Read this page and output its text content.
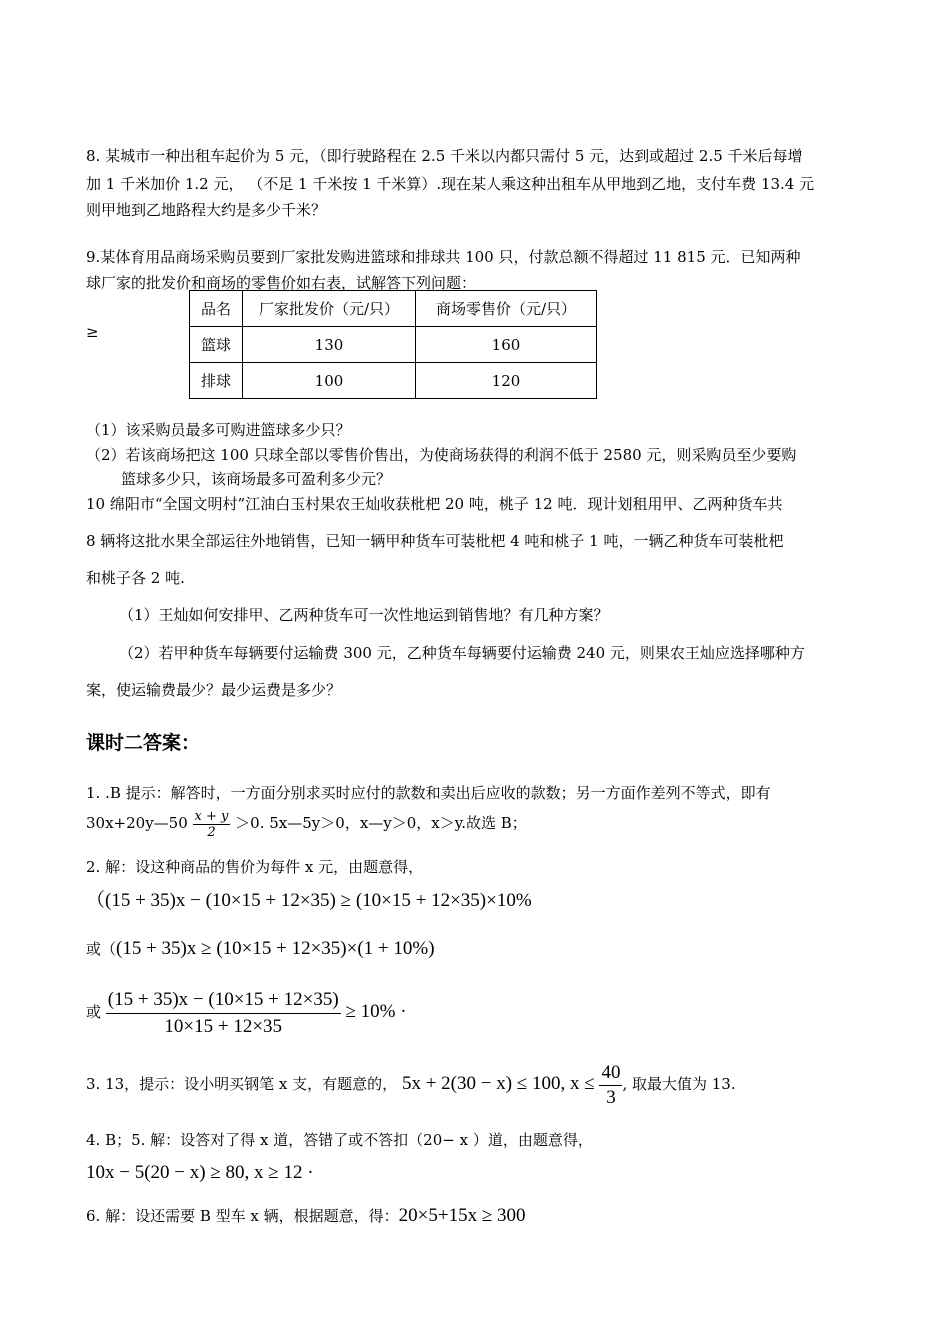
8. 某城市一种出租车起价为 5 元，（即行驶路程在 2.5 千米以内都只需付 5 元，达到或超过 2.5 千米后每增
加 1 千米加价 1.2 元， （不足 1 千米按 1 千米算）.现在某人乘这种出租车从甲地到乙地，支付车费 13.4 元
则甲地到乙地路程大约是多少千米？
9.某体育用品商场采购员要到厂家批发购进篮球和排球共 100 只，付款总额不得超过 11 815 元．已知两种
球厂家的批发价和商场的零售价如右表，试解答下列问题：
≥
品名	厂家批发价（元/只）	商场零售价（元/只）
篮球	130	160
排球	100	120
（1）该采购员最多可购进篮球多少只？
（2）若该商场把这 100 只球全部以零售价售出，为使商场获得的利润不低于 2580 元，则采购员至少要购
篮球多少只，该商场最多可盈利多少元？
10 绵阳市“全国文明村”江油白玉村果农王灿收获枇杷 20 吨，桃子 12 吨．现计划租用甲、乙两种货车共
8 辆将这批水果全部运往外地销售，已知一辆甲种货车可装枇杷 4 吨和桃子 1 吨，一辆乙种货车可装枇杷
和桃子各 2 吨.
（1）王灿如何安排甲、乙两种货车可一次性地运到销售地？有几种方案？
（2）若甲种货车每辆要付运输费 300 元，乙种货车每辆要付运输费 240 元，则果农王灿应选择哪种方
案，使运输费最少？最少运费是多少？
课时二答案：
1. .B 提示：解答时，一方面分别求买时应付的款数和卖出后应收的款数；另一方面作差列不等式，即有
30x+20y—50 $\frac{x + y}{2} >0$. 5x—5y＞0，x—y＞0，x＞y.故选 B；
2. 解：设这种商品的售价为每件 x 元，由题意得，
（(15 + 35)x − (10×15 + 12×35) ≥ (10×15 + 12×35)×10%
或（(15 + 35)x ≥ (10×15 + 12×35)×(1 + 10%)
或 $\frac{(15 + 35)x - (10\times 15 + 12\times 35)}{10\times 15 + 12\times 35} \ge 10\%$ ·
3. 13，提示：设小明买钢笔 x 支，有题意的， 5x + 2(30 − x) ≤ 100, $x \le \frac{40}{3}$ , 取最大值为 13.
4. B；5. 解：设答对了得 x 道，答错了或不答扣（20− x ）道，由题意得，
10x − 5(20 − x) ≥ 80, x ≥ 12 ·
6. 解：设还需要 B 型车 x 辆，根据题意，得：20×5+15x ≥ 300
